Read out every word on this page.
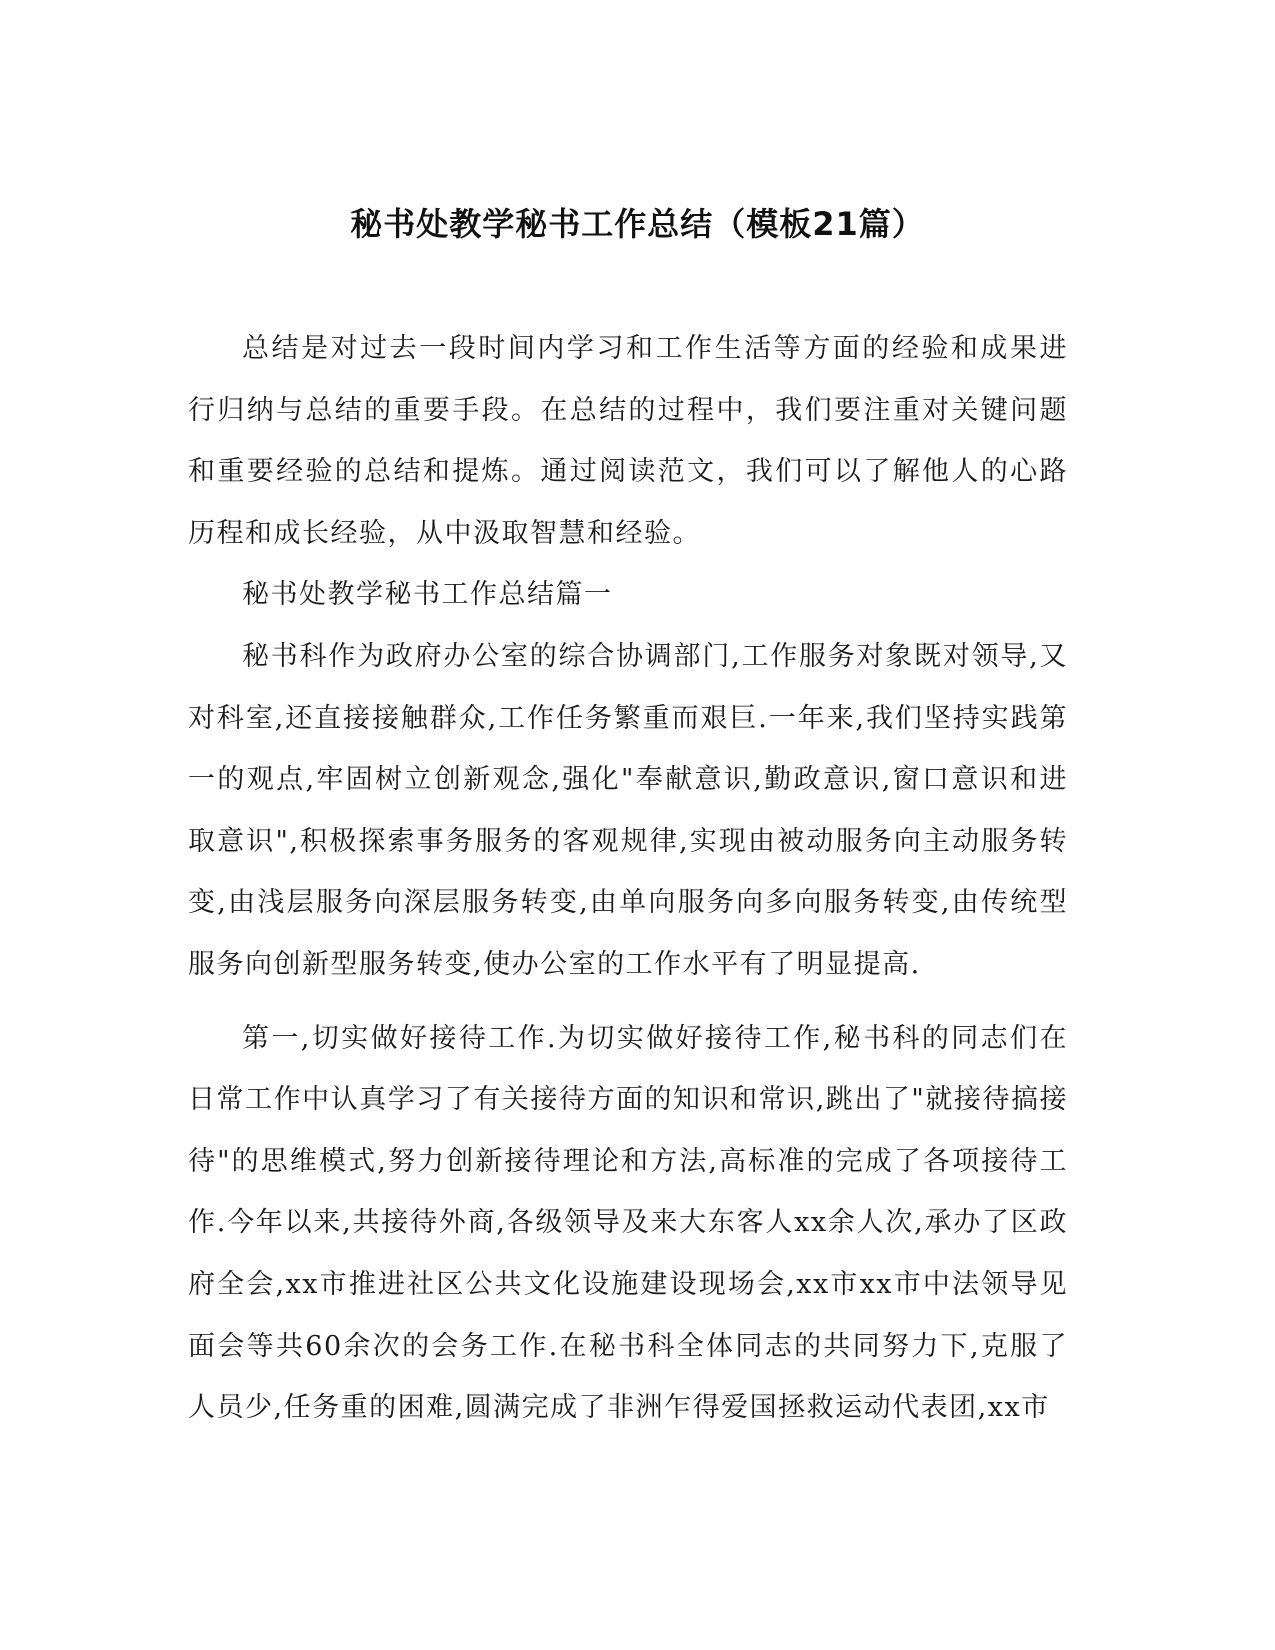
秘书处教学秘书工作总结（模板21篇）

总结是对过去一段时间内学习和工作生活等方面的经验和成果进行归纳与总结的重要手段。在总结的过程中，我们要注重对关键问题和重要经验的总结和提炼。通过阅读范文，我们可以了解他人的心路历程和成长经验，从中汲取智慧和经验。

秘书处教学秘书工作总结篇一

秘书科作为政府办公室的综合协调部门,工作服务对象既对领导,又对科室,还直接接触群众,工作任务繁重而艰巨.一年来,我们坚持实践第一的观点,牢固树立创新观念,强化"奉献意识,勤政意识,窗口意识和进取意识",积极探索事务服务的客观规律,实现由被动服务向主动服务转变,由浅层服务向深层服务转变,由单向服务向多向服务转变,由传统型服务向创新型服务转变,使办公室的工作水平有了明显提高.

第一,切实做好接待工作.为切实做好接待工作,秘书科的同志们在日常工作中认真学习了有关接待方面的知识和常识,跳出了"就接待搞接待"的思维模式,努力创新接待理论和方法,高标准的完成了各项接待工作.今年以来,共接待外商,各级领导及来大东客人xx余人次,承办了区政府全会,xx市推进社区公共文化设施建设现场会,xx市xx市中法领导见面会等共60余次的会务工作.在秘书科全体同志的共同努力下,克服了人员少,任务重的困难,圆满完成了非洲乍得爱国拯救运动代表团,xx市
